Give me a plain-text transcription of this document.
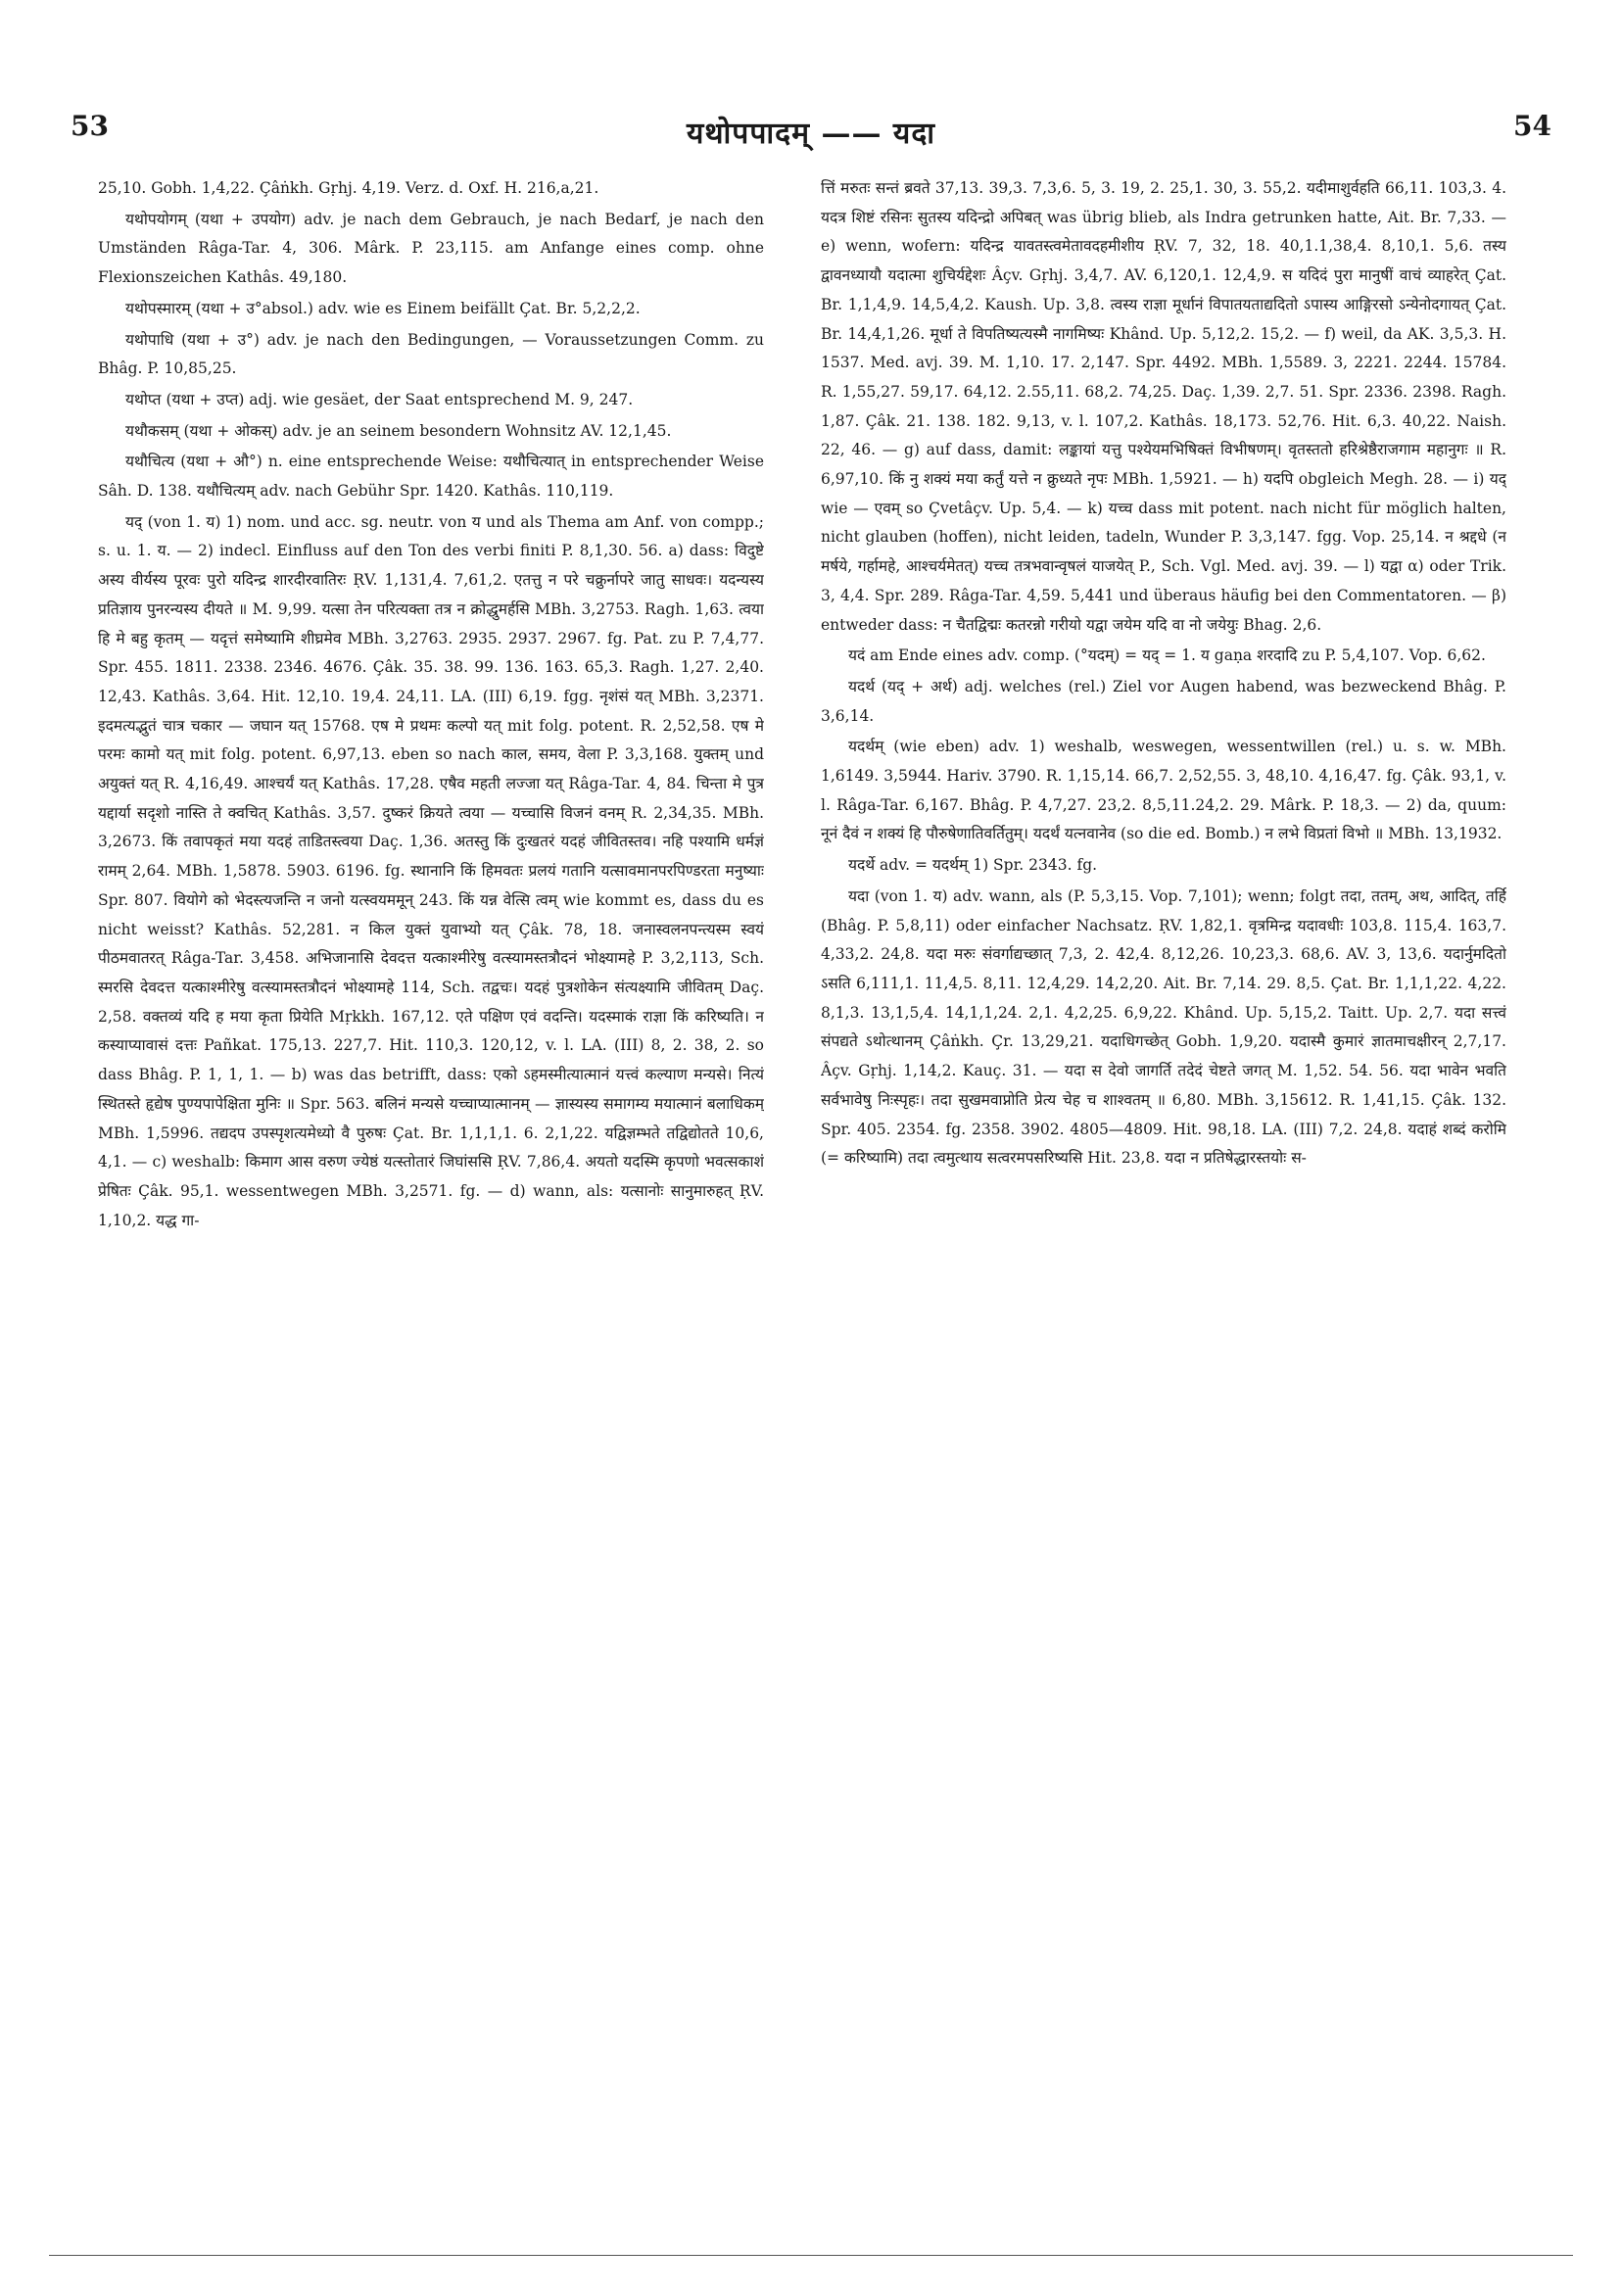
53	यथोपपादम् —— यदा	54

25,10. Gobh. 1,4,22. Çâṅkh. Gṛhj. 4,19. Verz. d. Oxf. H. 216,a,21.

यथोपयोगम् (यथा + उपयोग) adv. je nach dem Gebrauch, je nach Bedarf, je nach den Umständen Râga-Tar. 4, 306. Mârk. P. 23,115. am Anfange eines comp. ohne Flexionszeichen Kathâs. 49,180.

यथोपस्मारम् (यथा + उ°absol.) adv. wie es Einem beifällt Çat. Br. 5,2,2,2.

यथोपाधि (यथा + उ°) adv. je nach den Bedingungen, — Voraussetzungen Comm. zu Bhâg. P. 10,85,25.

यथोप्त (यथा + उप्त) adj. wie gesäet, der Saat entsprechend M. 9, 247.

यथौकसम् (यथा + ओकस्) adv. je an seinem besondern Wohnsitz AV. 12,1,45.

यथौचित्य (यथा + औ°) n. eine entsprechende Weise: यथौचित्यात् in entsprechender Weise Sâh. D. 138. यथौचित्यम् adv. nach Gebühr Spr. 1420. Kathâs. 110,119.

यद् (von 1. य) 1) nom. und acc. sg. neutr. von य und als Thema am Anf. von compp.; s. u. 1. य. — 2) indecl. Einfluss auf den Ton des verbi finiti P. 8,1,30. 56. a) dass: विदुष्टे अस्य वीर्यस्य पूरवः पुरो यदिन्द्र शारदीरवातिरः ṚV. 1,131,4. 7,61,2. एतत्तु न परे चक्रुर्नापरे जातु साधवः। यदन्यस्य प्रतिज्ञाय पुनरन्यस्य दीयते ॥ M. 9,99. यत्सा तेन परित्यक्ता तत्र न क्रोद्धुमर्हसि MBh. 3,2753. Ragh. 1,63. त्वया हि मे बहु कृतम् — यदृत्तं समेष्यामि शीघ्रमेव MBh. 3,2763. 2935. 2937. 2967. fg. Pat. zu P. 7,4,77. Spr. 455. 1811. 2338. 2346. 4676. Çâk. 35. 38. 99. 136. 163. 65,3. Ragh. 1,27. 2,40. 12,43. Kathâs. 3,64. Hit. 12,10. 19,4. 24,11. LA. (III) 6,19. fgg. नृशंसं यत् MBh. 3,2371. इदमत्यद्भुतं चात्र चकार — जघान यत् 15768. एष मे प्रथमः कल्पो यत् mit folg. potent. R. 2,52,58. एष मे परमः कामो यत् mit folg. potent. 6,97,13. eben so nach काल, समय, वेला P. 3,3,168. युक्तम् und अयुक्तं यत् R. 4,16,49. आश्चर्यं यत् Kathâs. 17,28. एषैव महती लज्जा यत् Râga-Tar. 4, 84. चिन्ता मे पुत्र यद्दार्या सदृशो नास्ति ते क्वचित् Kathâs. 3,57. दुष्करं क्रियते त्वया — यच्चासि विजनं वनम् R. 2,34,35. MBh. 3,2673. किं तवापकृतं मया यदहं ताडितस्त्वया Daç. 1,36. अतस्तु किं दुःखतरं यदहं जीवितस्तव। नहि पश्यामि धर्मज्ञं रामम् 2,64. MBh. 1,5878. 5903. 6196. fg. स्थानानि किं हिमवतः प्रलयं गतानि यत्सावमानपरपिण्डरता मनुष्याः Spr. 807. वियोगे को भेदस्त्यजन्ति न जनो यत्स्वयममून् 243. किं यन्न वेत्सि त्वम् wie kommt es, dass du es nicht weisst? Kathâs. 52,281. न किल युक्तं युवाभ्यो यत् Çâk. 78, 18. जनास्वलनपन्त्यस्म स्वयं पीठमवातरत् Râga-Tar. 3,458. अभिजानासि देवदत्त यत्काश्मीरेषु वत्स्यामस्तत्रौदनं भोक्ष्यामहे P. 3,2,113, Sch. स्मरसि देवदत्त यत्काश्मीरेषु वत्स्यामस्तत्रौदनं भोक्ष्यामहे 114, Sch. तद्वचः। यदहं पुत्रशोकेन संत्यक्ष्यामि जीवितम् Daç. 2,58. वक्तव्यं यदि ह मया कृता प्रियेति Mṛkkh. 167,12. एते पक्षिण एवं वदन्ति। यदस्माकं राज्ञा किं करिष्यति। न कस्याप्यावासं दत्तः Pañkat. 175,13. 227,7. Hit. 110,3. 120,12, v. l. LA. (III) 8, 2. 38, 2. so dass Bhâg. P. 1, 1, 1. — b) was das betrifft, dass: एको ऽहमस्मीत्यात्मानं यत्त्वं कल्याण मन्यसे। नित्यं स्थितस्ते हृद्येष पुण्यपापेक्षिता मुनिः ॥ Spr. 563. बलिनं मन्यसे यच्चाप्यात्मानम् — ज्ञास्यस्य समागम्य मयात्मानं बलाधिकम् MBh. 1,5996. तद्यदप उपस्पृशत्यमेध्यो वै पुरुषः Çat. Br. 1,1,1,1. 6. 2,1,22. यद्विज्ञम्भते तद्विद्योतते 10,6, 4,1. — c) weshalb: किमाग आस वरुण ज्येष्ठं यत्स्तोतारं जिघांससि ṚV. 7,86,4. अयतो यदस्मि कृपणो भवत्सकाशं प्रेषितः Çâk. 95,1. wessentwegen MBh. 3,2571. fg. — d) wann, als: यत्सानोः सानुमारुहत् ṚV. 1,10,2. यद्ध गा-

त्तिं मरुतः सन्तं ब्रवते 37,13. 39,3. 7,3,6. 5, 3. 19, 2. 25,1. 30, 3. 55,2. यदीमाशुर्वहति 66,11. 103,3. 4. यदत्र शिष्टं रसिनः सुतस्य यदिन्द्रो अपिबत् was übrig blieb, als Indra getrunken hatte, Ait. Br. 7,33. — e) wenn, wofern: यदिन्द्र यावतस्त्वमेतावदहमीशीय ṚV. 7, 32, 18. 40,1.1,38,4. 8,10,1. 5,6. तस्य द्वावनध्यायौ यदात्मा शुचिर्यद्देशः Âçv. Gṛhj. 3,4,7. AV. 6,120,1. 12,4,9. स यदिदं पुरा मानुषीं वाचं व्याहरेत् Çat. Br. 1,1,4,9. 14,5,4,2. Kaush. Up. 3,8. त्वस्य राज्ञा मूर्धानं विपातयताद्यदितो ऽपास्य आङ्गिरसो ऽन्येनोदगायत् Çat. Br. 14,4,1,26. मूर्धा ते विपतिष्यत्यस्मै नागमिष्यः Khând. Up. 5,12,2. 15,2. — f) weil, da AK. 3,5,3. H. 1537. Med. avj. 39. M. 1,10. 17. 2,147. Spr. 4492. MBh. 1,5589. 3, 2221. 2244. 15784. R. 1,55,27. 59,17. 64,12. 2.55,11. 68,2. 74,25. Daç. 1,39. 2,7. 51. Spr. 2336. 2398. Ragh. 1,87. Çâk. 21. 138. 182. 9,13, v. l. 107,2. Kathâs. 18,173. 52,76. Hit. 6,3. 40,22. Naish. 22, 46. — g) auf dass, damit: लङ्कायां यत्तु पश्येयमभिषिक्तं विभीषणम्। वृतस्ततो हरिश्रेष्ठैराजगाम महानुगः ॥ R. 6,97,10. किं नु शक्यं मया कर्तुं यत्ते न क्रुध्यते नृपः MBh. 1,5921. — h) यदपि obgleich Megh. 28. — i) यद् wie — एवम् so Çvetâçv. Up. 5,4. — k) यच्च dass mit potent. nach nicht für möglich halten, nicht glauben (hoffen), nicht leiden, tadeln, Wunder P. 3,3,147. fgg. Vop. 25,14. न श्रद्दधे (न मर्षये, गर्हामहे, आश्चर्यमेतत्) यच्च तत्रभवान्वृषलं याजयेत् P., Sch. Vgl. Med. avj. 39. — l) यद्वा α) oder Trik. 3, 4,4. Spr. 289. Râga-Tar. 4,59. 5,441 und überaus häufig bei den Commentatoren. — β) entweder dass: न चैतद्विद्मः कतरन्नो गरीयो यद्वा जयेम यदि वा नो जयेयुः Bhag. 2,6.

यदं am Ende eines adv. comp. (°यदम्) = यद् = 1. य gaṇa शरदादि zu P. 5,4,107. Vop. 6,62.

यदर्थ (यद् + अर्थ) adj. welches (rel.) Ziel vor Augen habend, was bezweckend Bhâg. P. 3,6,14.

यदर्थम् (wie eben) adv. 1) weshalb, weswegen, wessentwillen (rel.) u. s. w. MBh. 1,6149. 3,5944. Hariv. 3790. R. 1,15,14. 66,7. 2,52,55. 3, 48,10. 4,16,47. fg. Çâk. 93,1, v. l. Râga-Tar. 6,167. Bhâg. P. 4,7,27. 23,2. 8,5,11.24,2. 29. Mârk. P. 18,3. — 2) da, quum: नूनं दैवं न शक्यं हि पौरुषेणातिवर्तितुम्। यदर्थं यत्नवानेव (so die ed. Bomb.) न लभे विप्रतां विभो ॥ MBh. 13,1932.

यदर्थे adv. = यदर्थम् 1) Spr. 2343. fg.

यदा (von 1. य) adv. wann, als (P. 5,3,15. Vop. 7,101); wenn; folgt तदा, ततम्, अथ, आदित्, तर्हि (Bhâg. P. 5,8,11) oder einfacher Nachsatz. ṚV. 1,82,1. वृत्रमिन्द्र यदावधीः 103,8. 115,4. 163,7. 4,33,2. 24,8. यदा मरुः संवर्गाद्यच्छात् 7,3, 2. 42,4. 8,12,26. 10,23,3. 68,6. AV. 3, 13,6. यदार्नुमदितो ऽसति 6,111,1. 11,4,5. 8,11. 12,4,29. 14,2,20. Ait. Br. 7,14. 29. 8,5. Çat. Br. 1,1,1,22. 4,22. 8,1,3. 13,1,5,4. 14,1,1,24. 2,1. 4,2,25. 6,9,22. Khând. Up. 5,15,2. Taitt. Up. 2,7. यदा सत्त्वं संपद्यते ऽथोत्थानम् Çâṅkh. Çr. 13,29,21. यदाधिगच्छेत् Gobh. 1,9,20. यदास्मै कुमारं ज्ञातमाचक्षीरन् 2,7,17. Âçv. Gṛhj. 1,14,2. Kauç. 31. — यदा स देवो जागर्ति तदेदं चेष्टते जगत् M. 1,52. 54. 56. यदा भावेन भवति सर्वभावेषु निःस्पृहः। तदा सुखमवाप्नोति प्रेत्य चेह च शाश्वतम् ॥ 6,80. MBh. 3,15612. R. 1,41,15. Çâk. 132. Spr. 405. 2354. fg. 2358. 3902. 4805—4809. Hit. 98,18. LA. (III) 7,2. 24,8. यदाहं शब्दं करोमि (= करिष्यामि) तदा त्वमुत्थाय सत्वरमपसरिष्यसि Hit. 23,8. यदा न प्रतिषेद्धारस्तयोः स-
